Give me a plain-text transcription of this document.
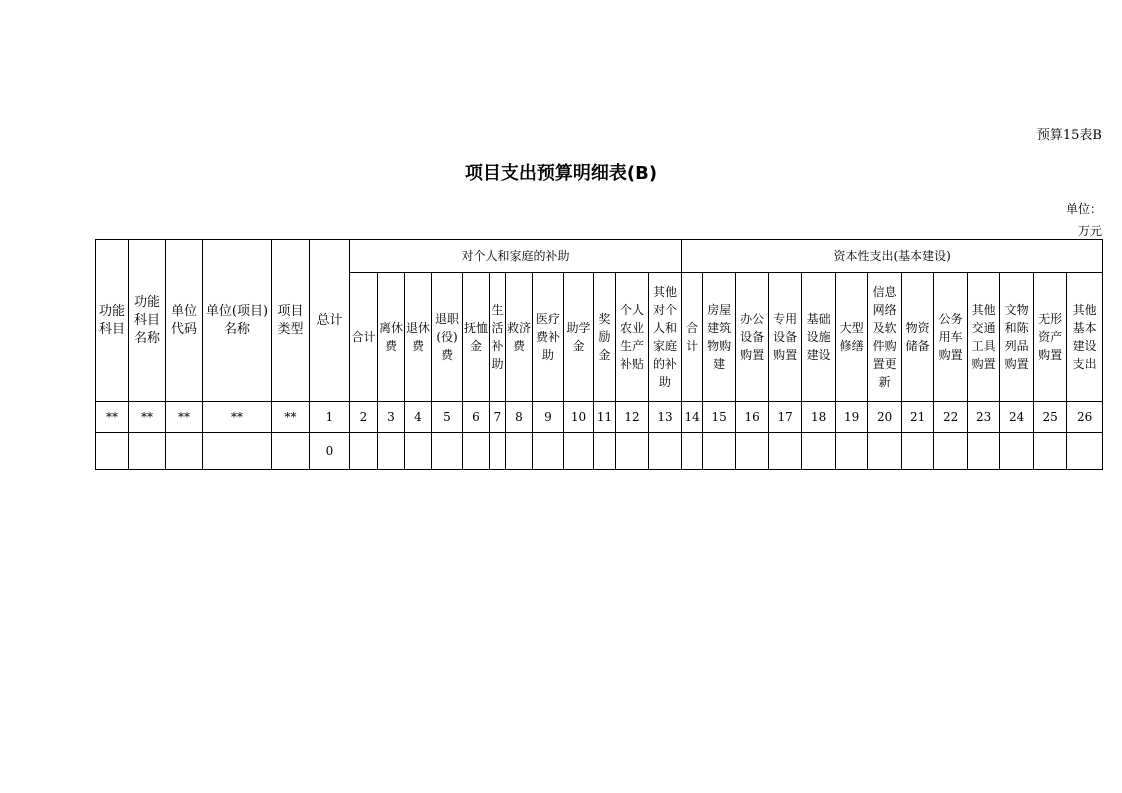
预算15表B
项目支出预算明细表(B)
单位：
万元
功能科目	功能科目名称	单位代码	单位(项目)名称	项目类型	总计	对个人和家庭的补助												资本性支出(基本建设)												
						合计	离休费	退休费	退职(役)费	抚恤金	生活补助	救济费	医疗费补助	助学金	奖励金	个人农业生产补贴	其他对个人和家庭的补助	合计	房屋建筑物购建	办公设备购置	专用设备购置	基础设施建设	大型修缮	信息网络及软件购置更新	物资储备	公务用车购置	其他交通工具购置	文物和陈列品购置	无形资产购置	其他基本建设支出
**	**	**	**	**	1	2	3	4	5	6	7	8	9	10	11	12	13	14	15	16	17	18	19	20	21	22	23	24	25	26
					0																									
